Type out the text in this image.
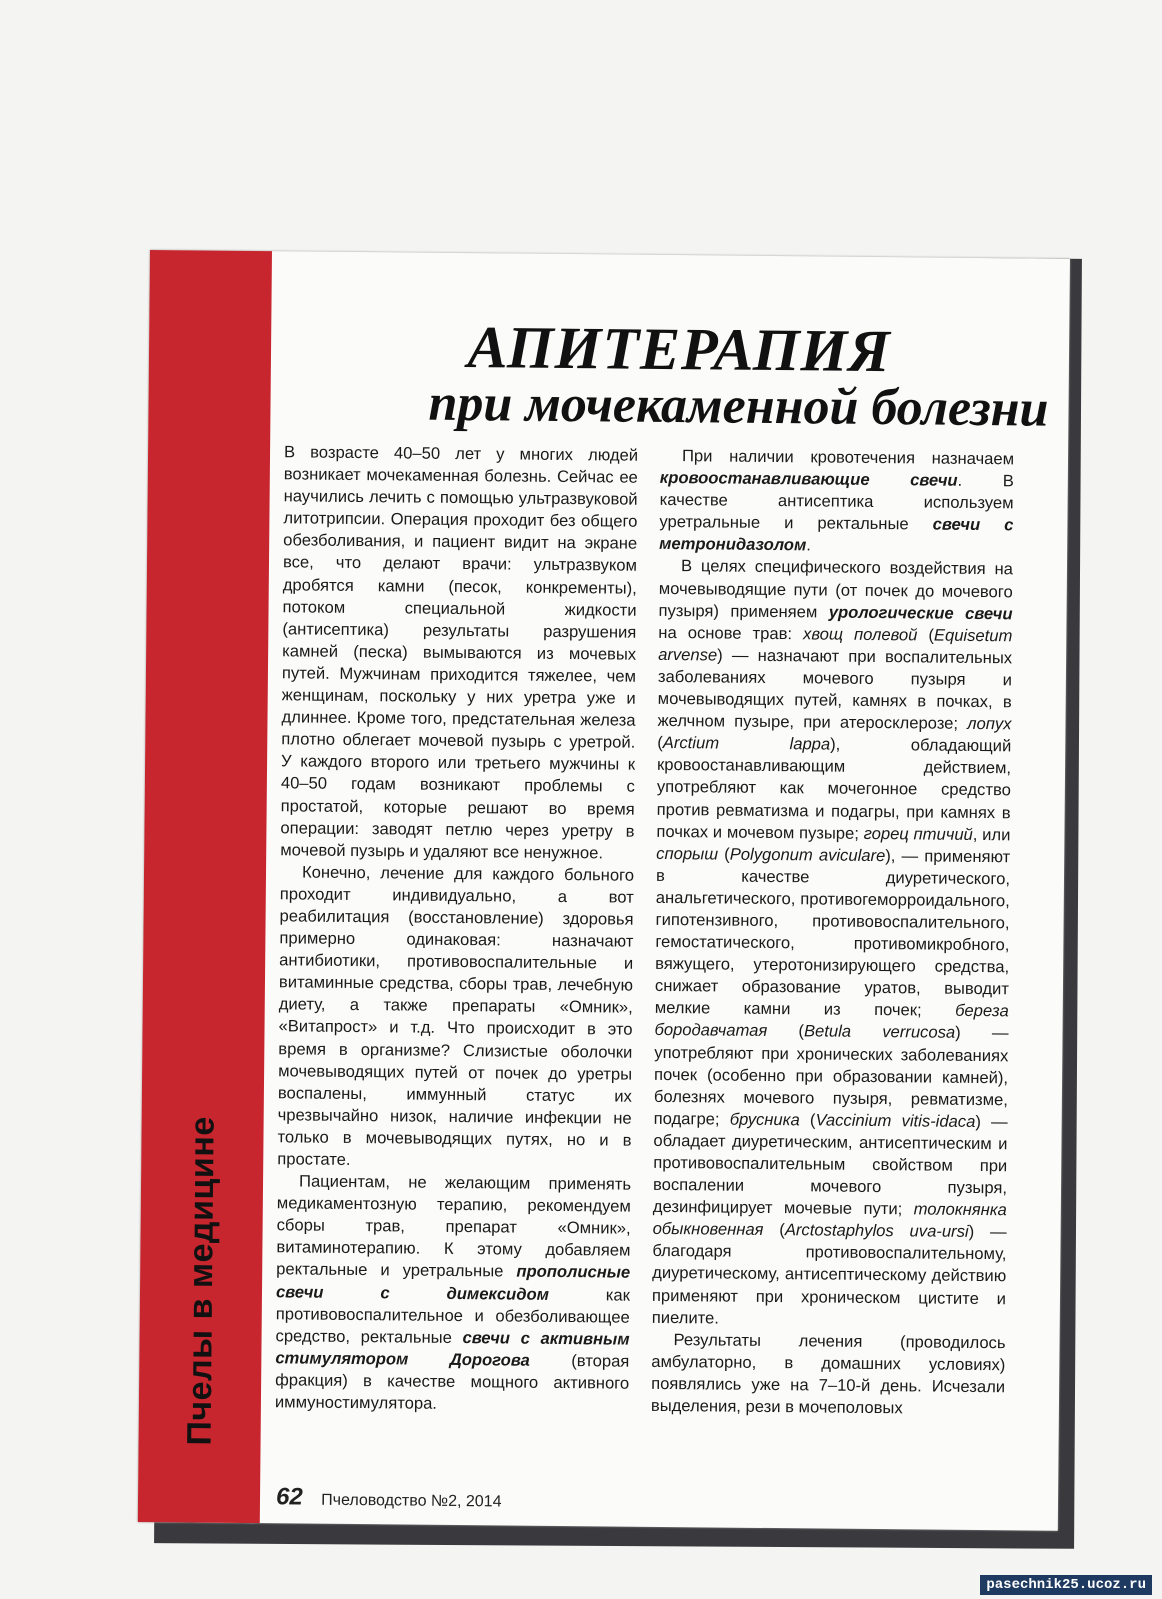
Пчелы в медицине
АПИТЕРАПИЯ
при мочекаменной болезни

В возрасте 40–50 лет у многих людей возникает мочекаменная болезнь. Сейчас ее научились лечить с помощью ультразвуковой литотрипсии. Операция проходит без общего обезболивания, и пациент видит на экране все, что делают врачи: ультразвуком дробятся камни (песок, конкременты), потоком специальной жидкости (антисептика) результаты разрушения камней (песка) вымываются из мочевых путей. Мужчинам приходится тяжелее, чем женщинам, поскольку у них уретра уже и длиннее. Кроме того, предстательная железа плотно облегает мочевой пузырь с уретрой. У каждого второго или третьего мужчины к 40–50 годам возникают проблемы с простатой, которые решают во время операции: заводят петлю через уретру в мочевой пузырь и удаляют все ненужное.

Конечно, лечение для каждого больного проходит индивидуально, а вот реабилитация (восстановление) здоровья примерно одинаковая: назначают антибиотики, противовоспалительные и витаминные средства, сборы трав, лечебную диету, а также препараты «Омник», «Витапрост» и т.д. Что происходит в это время в организме? Слизистые оболочки мочевыводящих путей от почек до уретры воспалены, иммунный статус их чрезвычайно низок, наличие инфекции не только в мочевыводящих путях, но и в простате.

Пациентам, не желающим применять медикаментозную терапию, рекомендуем сборы трав, препарат «Омник», витаминотерапию. К этому добавляем ректальные и уретральные прополисные свечи с димексидом как противовоспалительное и обезболивающее средство, ректальные свечи с активным стимулятором Дорогова (вторая фракция) в качестве мощного активного иммуностимулятора.

При наличии кровотечения назначаем кровоостанавливающие свечи. В качестве антисептика используем уретральные и ректальные свечи с метронидазолом.

В целях специфического воздействия на мочевыводящие пути (от почек до мочевого пузыря) применяем урологические свечи на основе трав: хвощ полевой (Equisetum arvense) — назначают при воспалительных заболеваниях мочевого пузыря и мочевыводящих путей, камнях в почках, в желчном пузыре, при атеросклерозе; лопух (Arctium lappa), обладающий кровоостанавливающим действием, употребляют как мочегонное средство против ревматизма и подагры, при камнях в почках и мочевом пузыре; горец птичий, или спорыш (Polygonum aviculare), — применяют в качестве диуретического, анальгетического, противогеморроидального, гипотензивного, противовоспалительного, гемостатического, противомикробного, вяжущего, утеротонизирующего средства, снижает образование уратов, выводит мелкие камни из почек; береза бородавчатая (Betula verrucosa) — употребляют при хронических заболеваниях почек (особенно при образовании камней), болезнях мочевого пузыря, ревматизме, подагре; брусника (Vaccinium vitis-idaca) — обладает диуретическим, антисептическим и противовоспалительным свойством при воспалении мочевого пузыря, дезинфицирует мочевые пути; толокнянка обыкновенная (Arctostaphylos uva-ursi) — благодаря противовоспалительному, диуретическому, антисептическому действию применяют при хроническом цистите и пиелите.

Результаты лечения (проводилось амбулаторно, в домашних условиях) появлялись уже на 7–10-й день. Исчезали выделения, рези в мочеполовых

62 Пчеловодство №2, 2014
pasechnik25.ucoz.ru
